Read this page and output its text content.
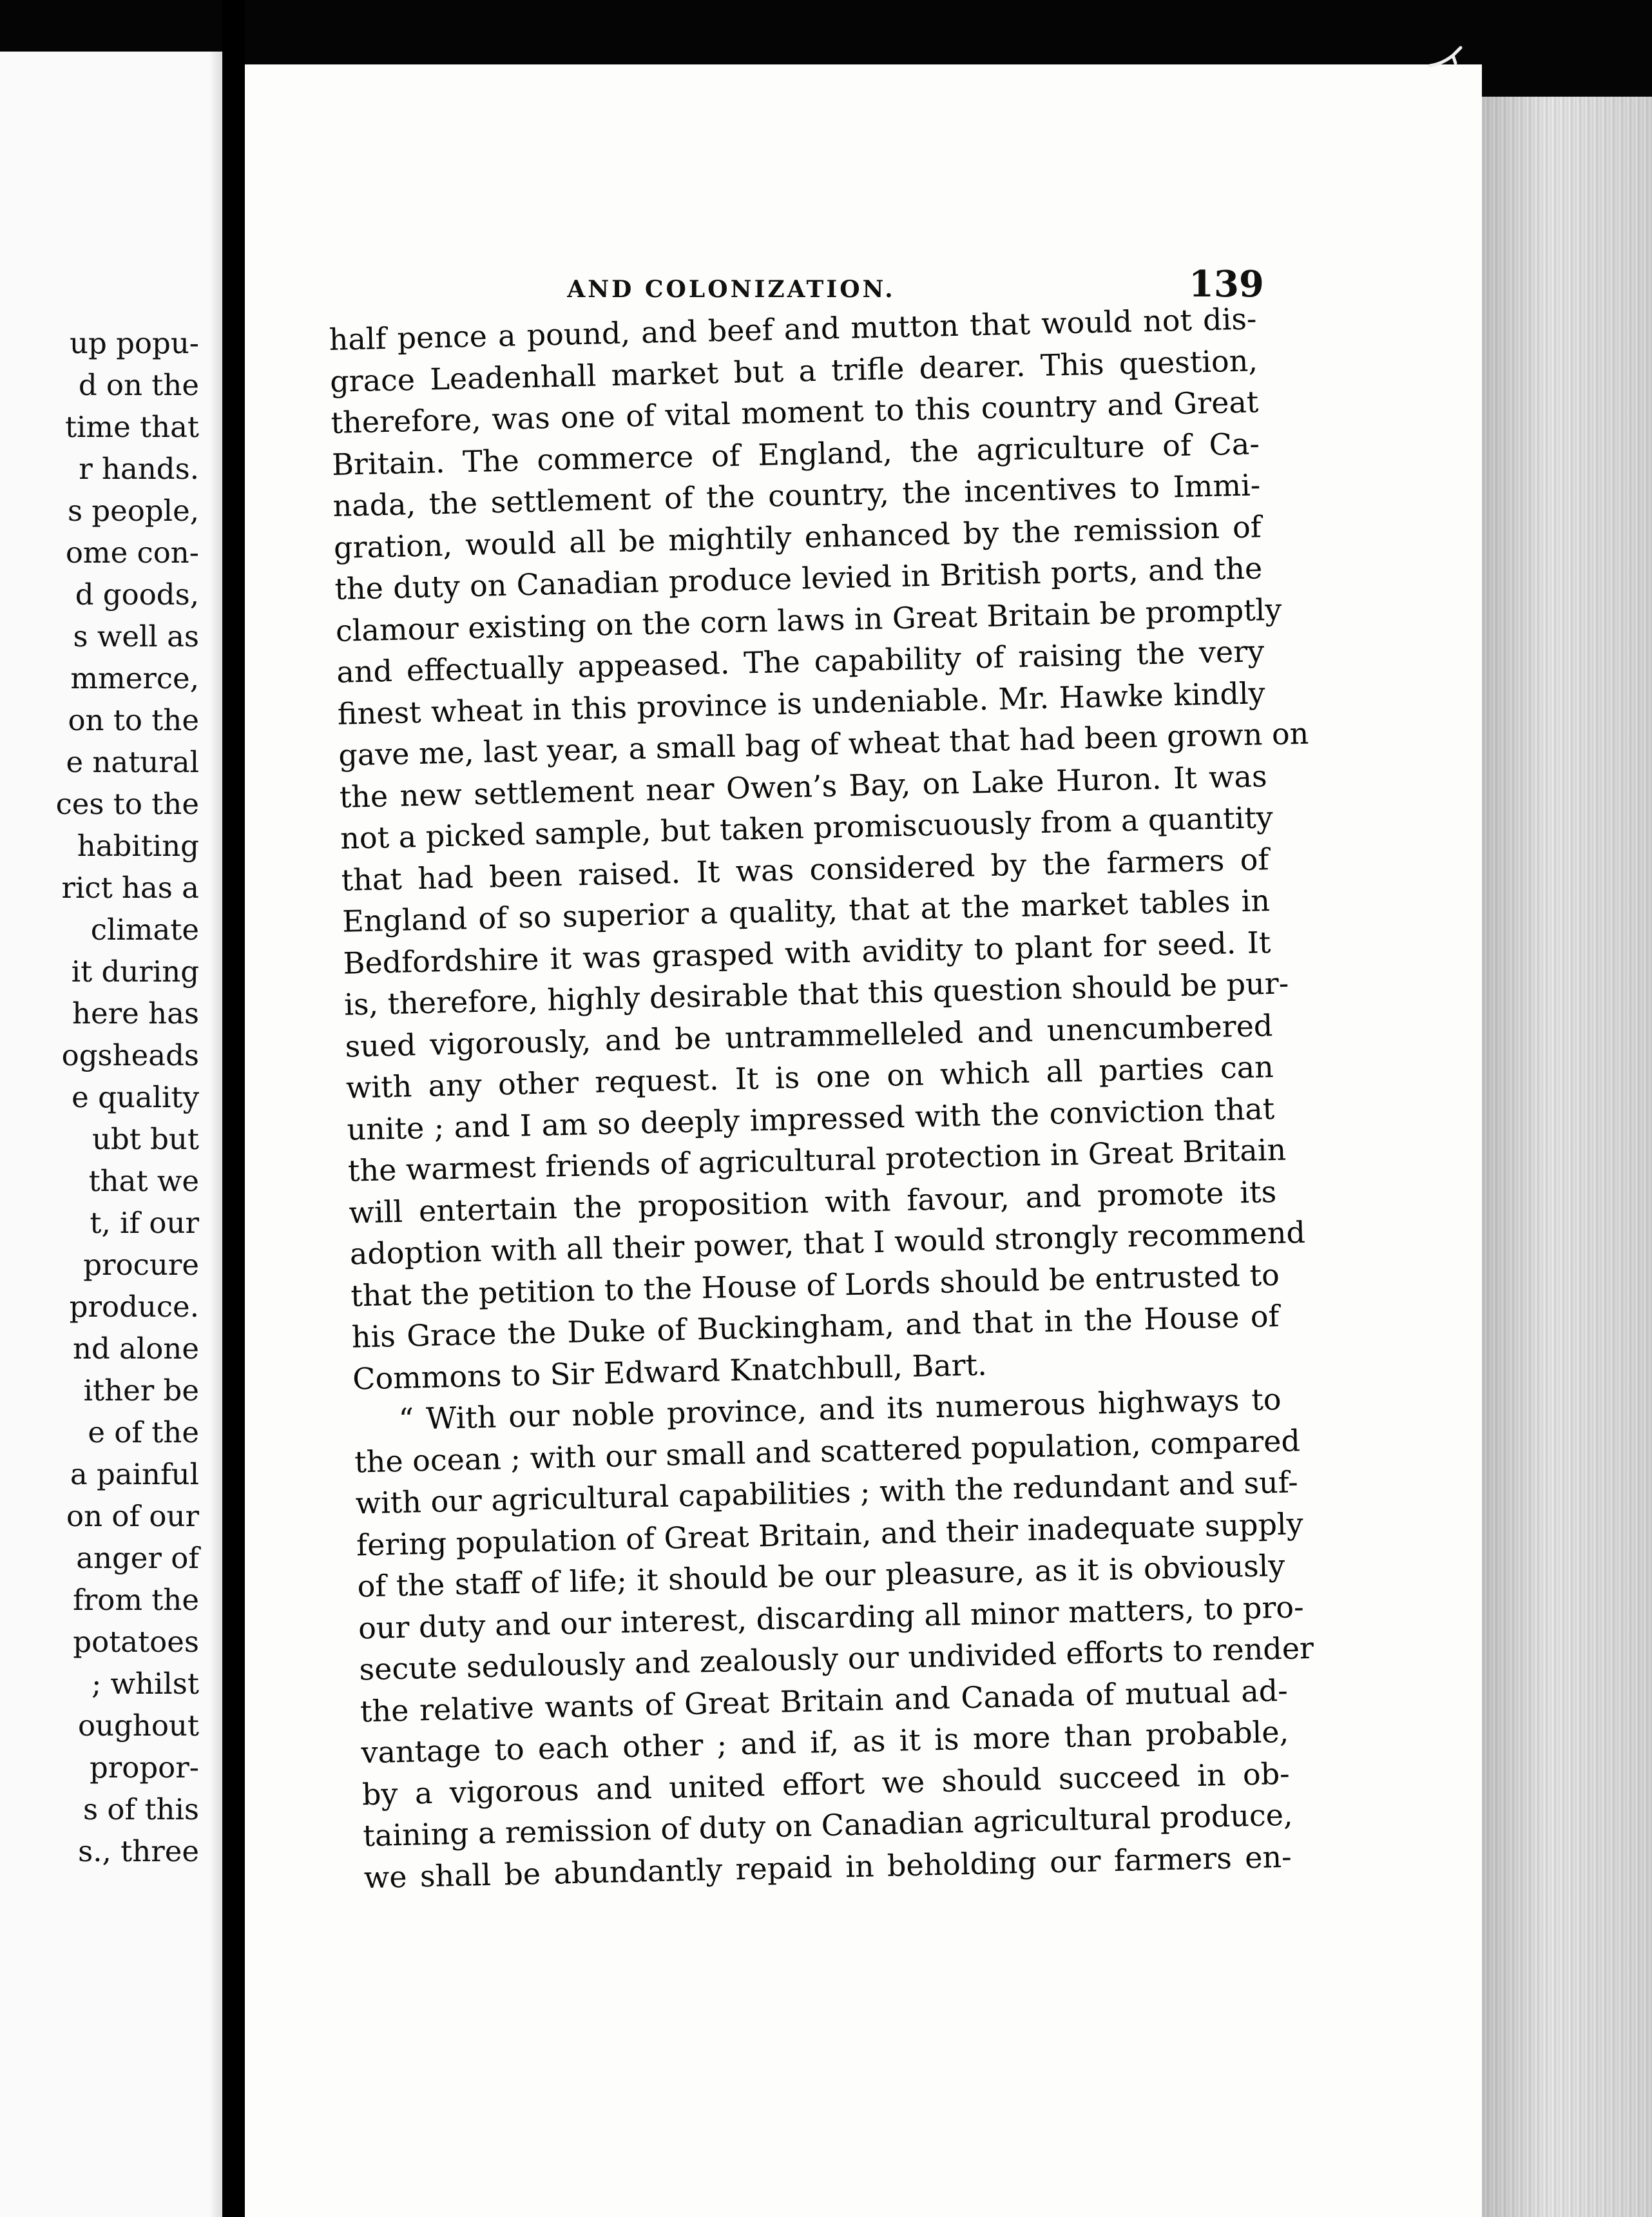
up popu-
d on the
time that
r hands.
s people,
ome con-
d goods,
s well as
mmerce,
on to the
e natural
ces to the
habiting
rict has a
climate
it during
here has
ogsheads
e quality
ubt but
that we
t, if our
procure
produce.
nd alone
ither be
e of the
a painful
on of our
anger of
from the
potatoes
; whilst
oughout
propor-
s of this
s., three
AND COLONIZATION.	139
half pence a pound, and beef and mutton that would not dis-
grace Leadenhall market but a trifle dearer. This question,
therefore, was one of vital moment to this country and Great
Britain. The commerce of England, the agriculture of Ca-
nada, the settlement of the country, the incentives to Immi-
gration, would all be mightily enhanced by the remission of
the duty on Canadian produce levied in British ports, and the
clamour existing on the corn laws in Great Britain be promptly
and effectually appeased. The capability of raising the very
finest wheat in this province is undeniable. Mr. Hawke kindly
gave me, last year, a small bag of wheat that had been grown on
the new settlement near Owen’s Bay, on Lake Huron. It was
not a picked sample, but taken promiscuously from a quantity
that had been raised. It was considered by the farmers of
England of so superior a quality, that at the market tables in
Bedfordshire it was grasped with avidity to plant for seed. It
is, therefore, highly desirable that this question should be pur-
sued vigorously, and be untrammelleled and unencumbered
with any other request. It is one on which all parties can
unite ; and I am so deeply impressed with the conviction that
the warmest friends of agricultural protection in Great Britain
will entertain the proposition with favour, and promote its
adoption with all their power, that I would strongly recommend
that the petition to the House of Lords should be entrusted to
his Grace the Duke of Buckingham, and that in the House of
Commons to Sir Edward Knatchbull, Bart.
“ With our noble province, and its numerous highways to
the ocean ; with our small and scattered population, compared
with our agricultural capabilities ; with the redundant and suf-
fering population of Great Britain, and their inadequate supply
of the staff of life; it should be our pleasure, as it is obviously
our duty and our interest, discarding all minor matters, to pro-
secute sedulously and zealously our undivided efforts to render
the relative wants of Great Britain and Canada of mutual ad-
vantage to each other ; and if, as it is more than probable,
by a vigorous and united effort we should succeed in ob-
taining a remission of duty on Canadian agricultural produce,
we shall be abundantly repaid in beholding our farmers en-
